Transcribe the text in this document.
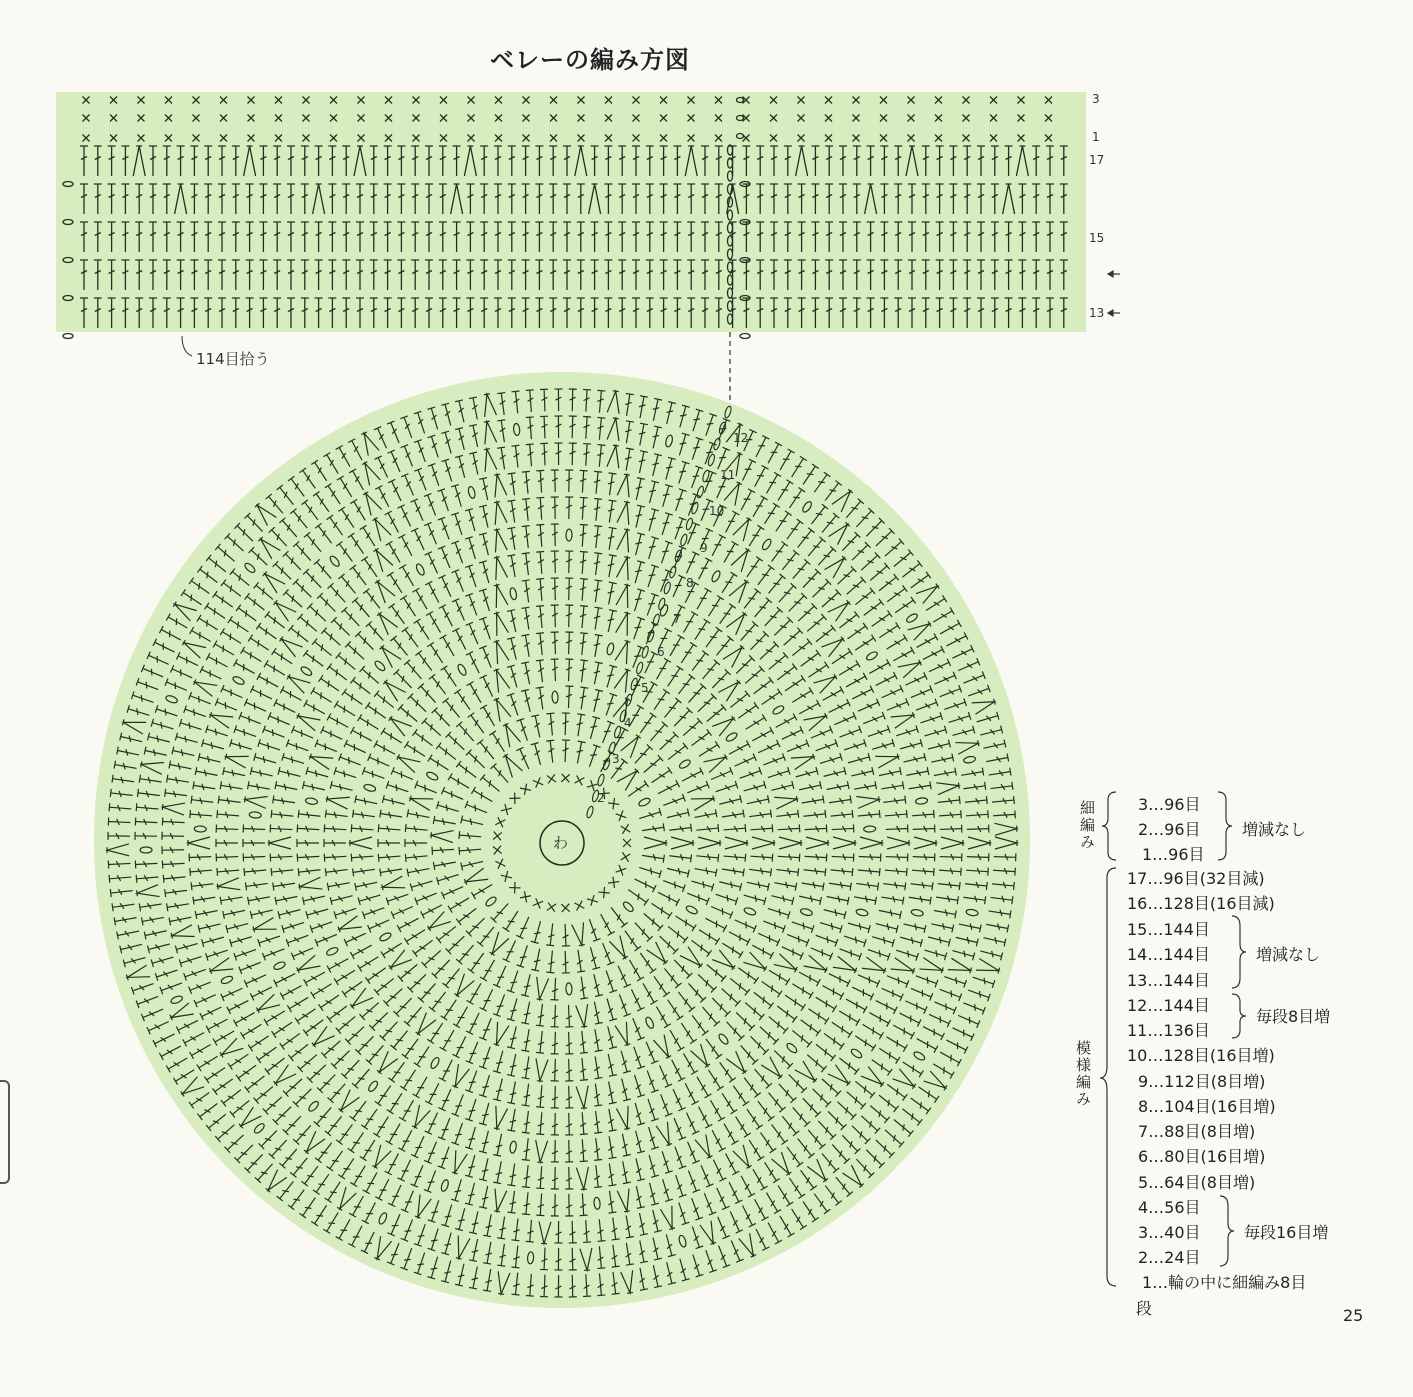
ベレーの編み方図
3
1
17
15
13
114目拾う
わ
2
3
4
5
6
7
8
9
10
11
12
細編み	3…96目
2…96目
1…96目
増減なし
模様編み
17…96目(32目減)
16…128目(16目減)
15…144目
14…144目
13…144目
12…144目
11…136目
10…128目(16目増)
9…112目(8目増)
8…104目(16目増)
7…88目(8目増)
6…80目(16目増)
5…64目(8目増)
4…56目
3…40目
2…24目
1…輪の中に細編み8目
増減なし
毎段8目増
毎段16目増
段	25
